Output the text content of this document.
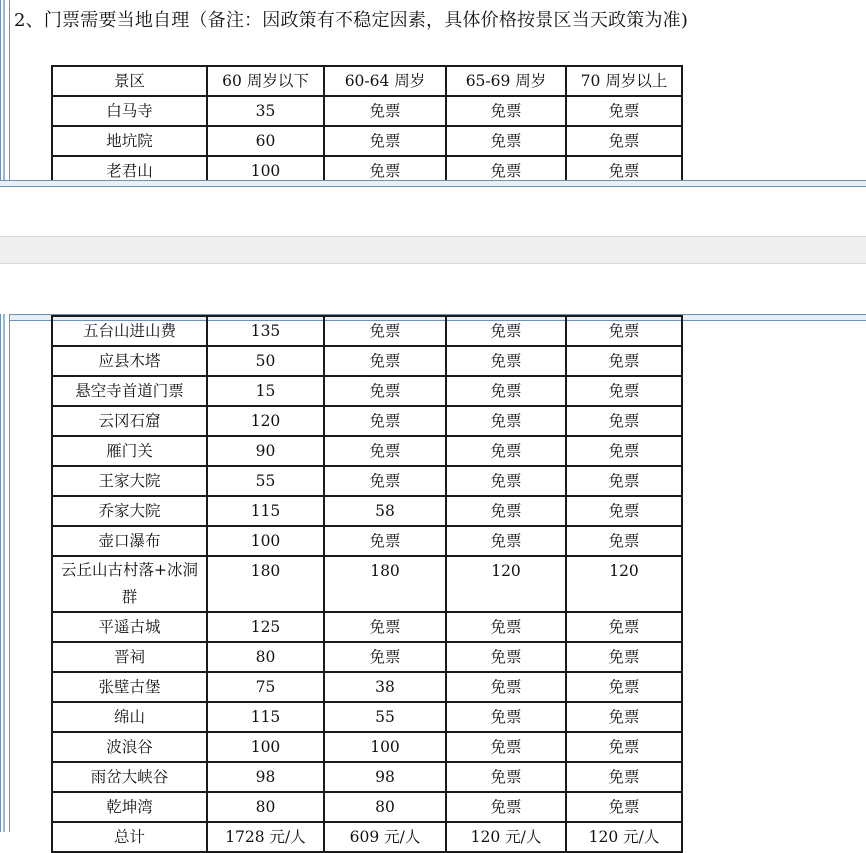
2、门票需要当地自理（备注：因政策有不稳定因素，具体价格按景区当天政策为准)
景区	60 周岁以下	60-64 周岁	65-69 周岁	70 周岁以上
白马寺	35	免票	免票	免票
地坑院	60	免票	免票	免票
老君山	100	免票	免票	免票
五台山进山费	135	免票	免票	免票
应县木塔	50	免票	免票	免票
悬空寺首道门票	15	免票	免票	免票
云冈石窟	120	免票	免票	免票
雁门关	90	免票	免票	免票
王家大院	55	免票	免票	免票
乔家大院	115	58	免票	免票
壶口瀑布	100	免票	免票	免票
云丘山古村落+冰洞群	180	180	120	120
平遥古城	125	免票	免票	免票
晋祠	80	免票	免票	免票
张壁古堡	75	38	免票	免票
绵山	115	55	免票	免票
波浪谷	100	100	免票	免票
雨岔大峡谷	98	98	免票	免票
乾坤湾	80	80	免票	免票
总计	1728 元/人	609 元/人	120 元/人	120 元/人
